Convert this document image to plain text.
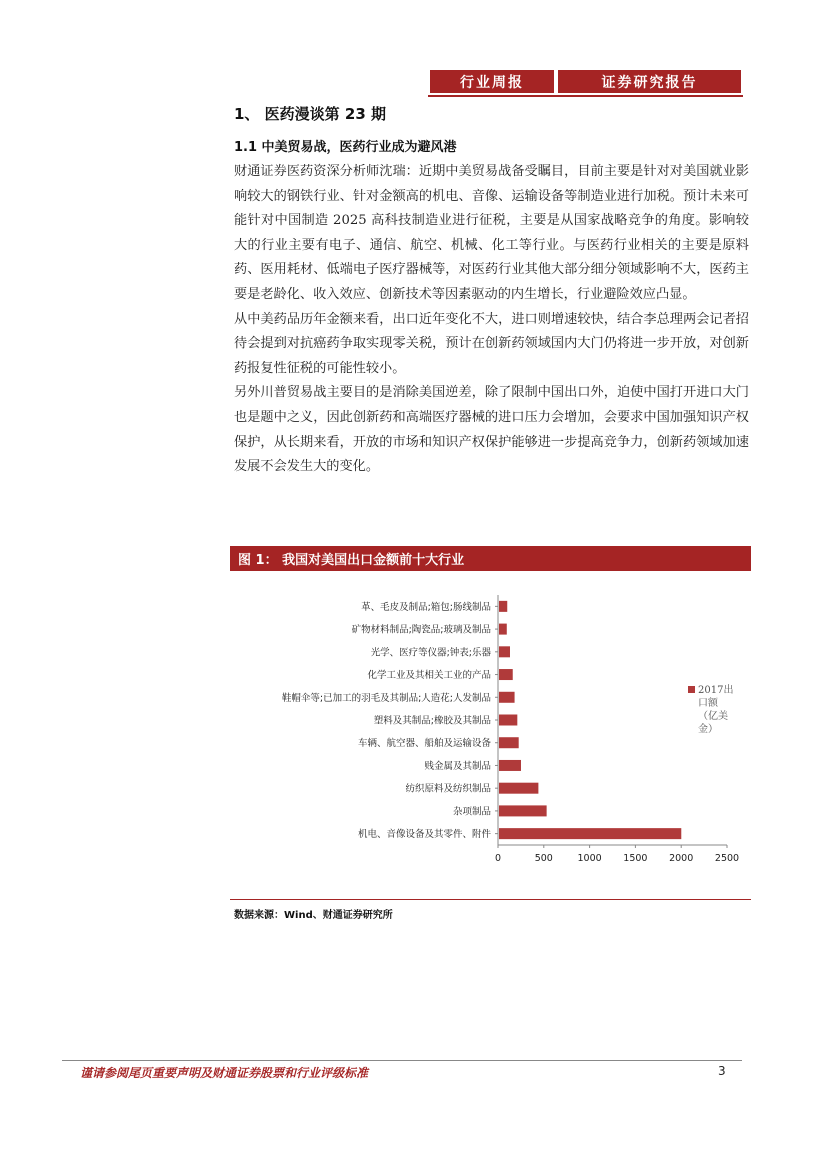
行业周报	证券研究报告
1、 医药漫谈第 23 期
1.1 中美贸易战，医药行业成为避风港

财通证券医药资深分析师沈瑞：近期中美贸易战备受瞩目，目前主要是针对对美国就业影响较大的钢铁行业、针对金额高的机电、音像、运输设备等制造业进行加税。预计未来可能针对中国制造 2025 高科技制造业进行征税，主要是从国家战略竞争的角度。影响较大的行业主要有电子、通信、航空、机械、化工等行业。与医药行业相关的主要是原料药、医用耗材、低端电子医疗器械等，对医药行业其他大部分细分领域影响不大，医药主要是老龄化、收入效应、创新技术等因素驱动的内生增长，行业避险效应凸显。

从中美药品历年金额来看，出口近年变化不大，进口则增速较快，结合李总理两会记者招待会提到对抗癌药争取实现零关税，预计在创新药领域国内大门仍将进一步开放，对创新药报复性征税的可能性较小。

另外川普贸易战主要目的是消除美国逆差，除了限制中国出口外，迫使中国打开进口大门也是题中之义，因此创新药和高端医疗器械的进口压力会增加，会要求中国加强知识产权保护，从长期来看，开放的市场和知识产权保护能够进一步提高竞争力，创新药领域加速发展不会发生大的变化。

图 1： 我国对美国出口金额前十大行业
革、毛皮及制品;箱包;肠线制品
矿物材料制品;陶瓷品;玻璃及制品
光学、医疗等仪器;钟表;乐器
化学工业及其相关工业的产品
鞋帽伞等;已加工的羽毛及其制品;人造花;人发制品
塑料及其制品;橡胶及其制品
车辆、航空器、船舶及运输设备
贱金属及其制品
纺织原料及纺织制品
杂项制品
机电、音像设备及其零件、附件
0	500	1000 1500 2000 2500
2017出
口额
（亿美
金）
数据来源：Wind、财通证券研究所
谨请参阅尾页重要声明及财通证券股票和行业评级标准	3
